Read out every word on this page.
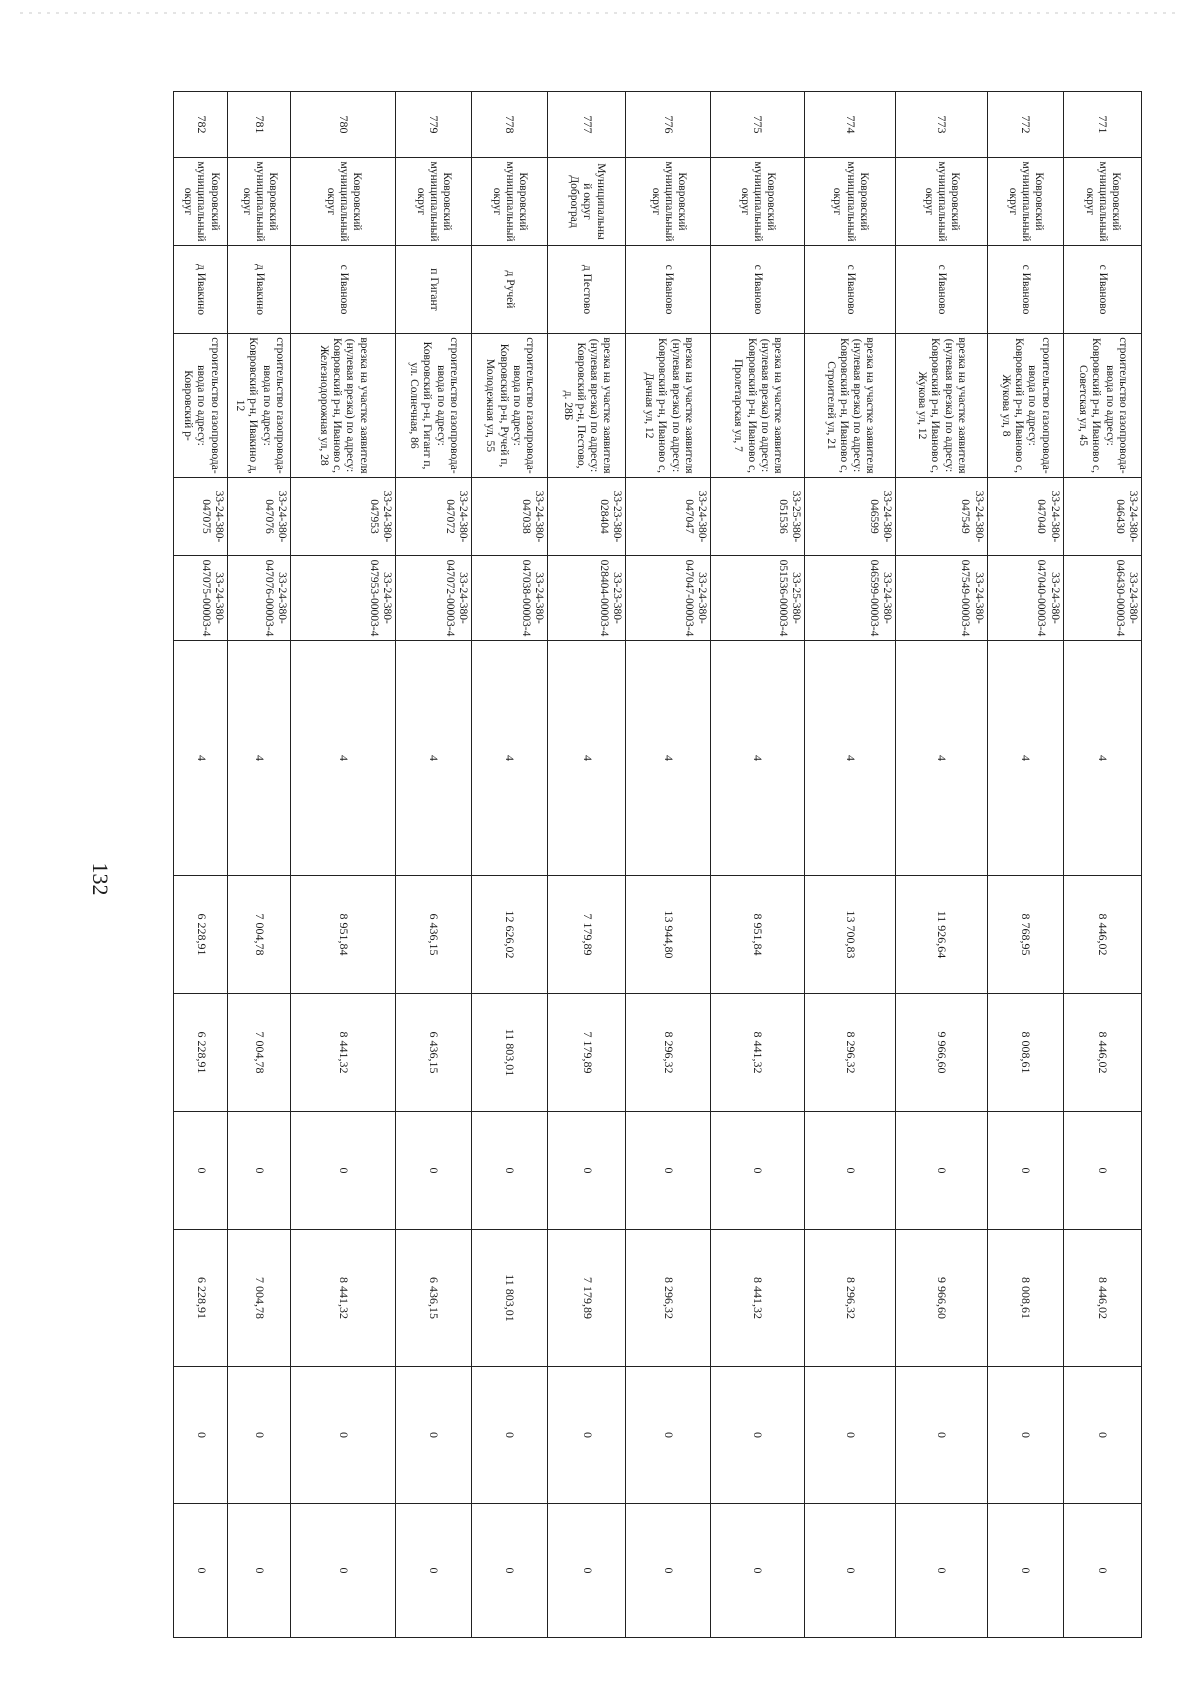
132
771	Ковровский муниципальный округ	с Иваново	строительство газопровода-ввода по адресу: Ковровский р-н, Иваново с, Советская ул, 45	33-24-380-046430	33-24-380-046430-00003-4	4	8 446,02	8 446,02	0	8 446,02	0	0
772	Ковровский муниципальный округ	с Иваново	строительство газопровода-ввода по адресу: Ковровский р-н, Иваново с, Жукова ул, 8	33-24-380-047040	33-24-380-047040-00003-4	4	8 768,95	8 008,61	0	8 008,61	0	0
773	Ковровский муниципальный округ	с Иваново	врезка на участке заявителя (нулевая врезка) по адресу: Ковровский р-н, Иваново с, Жукова ул, 12	33-24-380-047549	33-24-380-047549-00003-4	4	11 926,64	9 966,60	0	9 966,60	0	0
774	Ковровский муниципальный округ	с Иваново	врезка на участке заявителя (нулевая врезка) по адресу: Ковровский р-н, Иваново с, Строителей ул, 21	33-24-380-046599	33-24-380-046599-00003-4	4	13 700,83	8 296,32	0	8 296,32	0	0
775	Ковровский муниципальный округ	с Иваново	врезка на участке заявителя (нулевая врезка) по адресу: Ковровский р-н, Иваново с, Пролетарская ул, 7	33-25-380-051536	33-25-380-051536-00003-4	4	8 951,84	8 441,32	0	8 441,32	0	0
776	Ковровский муниципальный округ	с Иваново	врезка на участке заявителя (нулевая врезка) по адресу: Ковровский р-н, Иваново с, Дачная ул, 12	33-24-380-047047	33-24-380-047047-00003-4	4	13 944,80	8 296,32	0	8 296,32	0	0
777	Муниципальный округ Доброград	д Пестово	врезка на участке заявителя (нулевая врезка) по адресу: Ковровский р-н, Пестово, д. 28Б	33-23-380-028404	33-23-380-028404-00003-4	4	7 179,89	7 179,89	0	7 179,89	0	0
778	Ковровский муниципальный округ	д Ручей	строительство газопровода-ввода по адресу: Ковровский р-н, Ручей п, Молодежная ул, 55	33-24-380-047038	33-24-380-047038-00003-4	4	12 626,02	11 803,01	0	11 803,01	0	0
779	Ковровский муниципальный округ	п Гигант	строительство газопровода-ввода по адресу: Ковровский р-н, Гигант п, ул. Солнечная, 86	33-24-380-047072	33-24-380-047072-00003-4	4	6 436,15	6 436,15	0	6 436,15	0	0
780	Ковровский муниципальный округ	с Иваново	врезка на участке заявителя (нулевая врезка) по адресу: Ковровский р-н, Иваново с, Железнодорожная ул, 28	33-24-380-047953	33-24-380-047953-00003-4	4	8 951,84	8 441,32	0	8 441,32	0	0
781	Ковровский муниципальный округ	д Ивакино	строительство газопровода-ввода по адресу: Ковровский р-н, Ивакино д, 12	33-24-380-047076	33-24-380-047076-00003-4	4	7 004,78	7 004,78	0	7 004,78	0	0
782	Ковровский муниципальный округ	д Ивакино	строительство газопровода-ввода по адресу: Ковровский р-	33-24-380-047075	33-24-380-047075-00003-4	4	6 228,91	6 228,91	0	6 228,91	0	0
